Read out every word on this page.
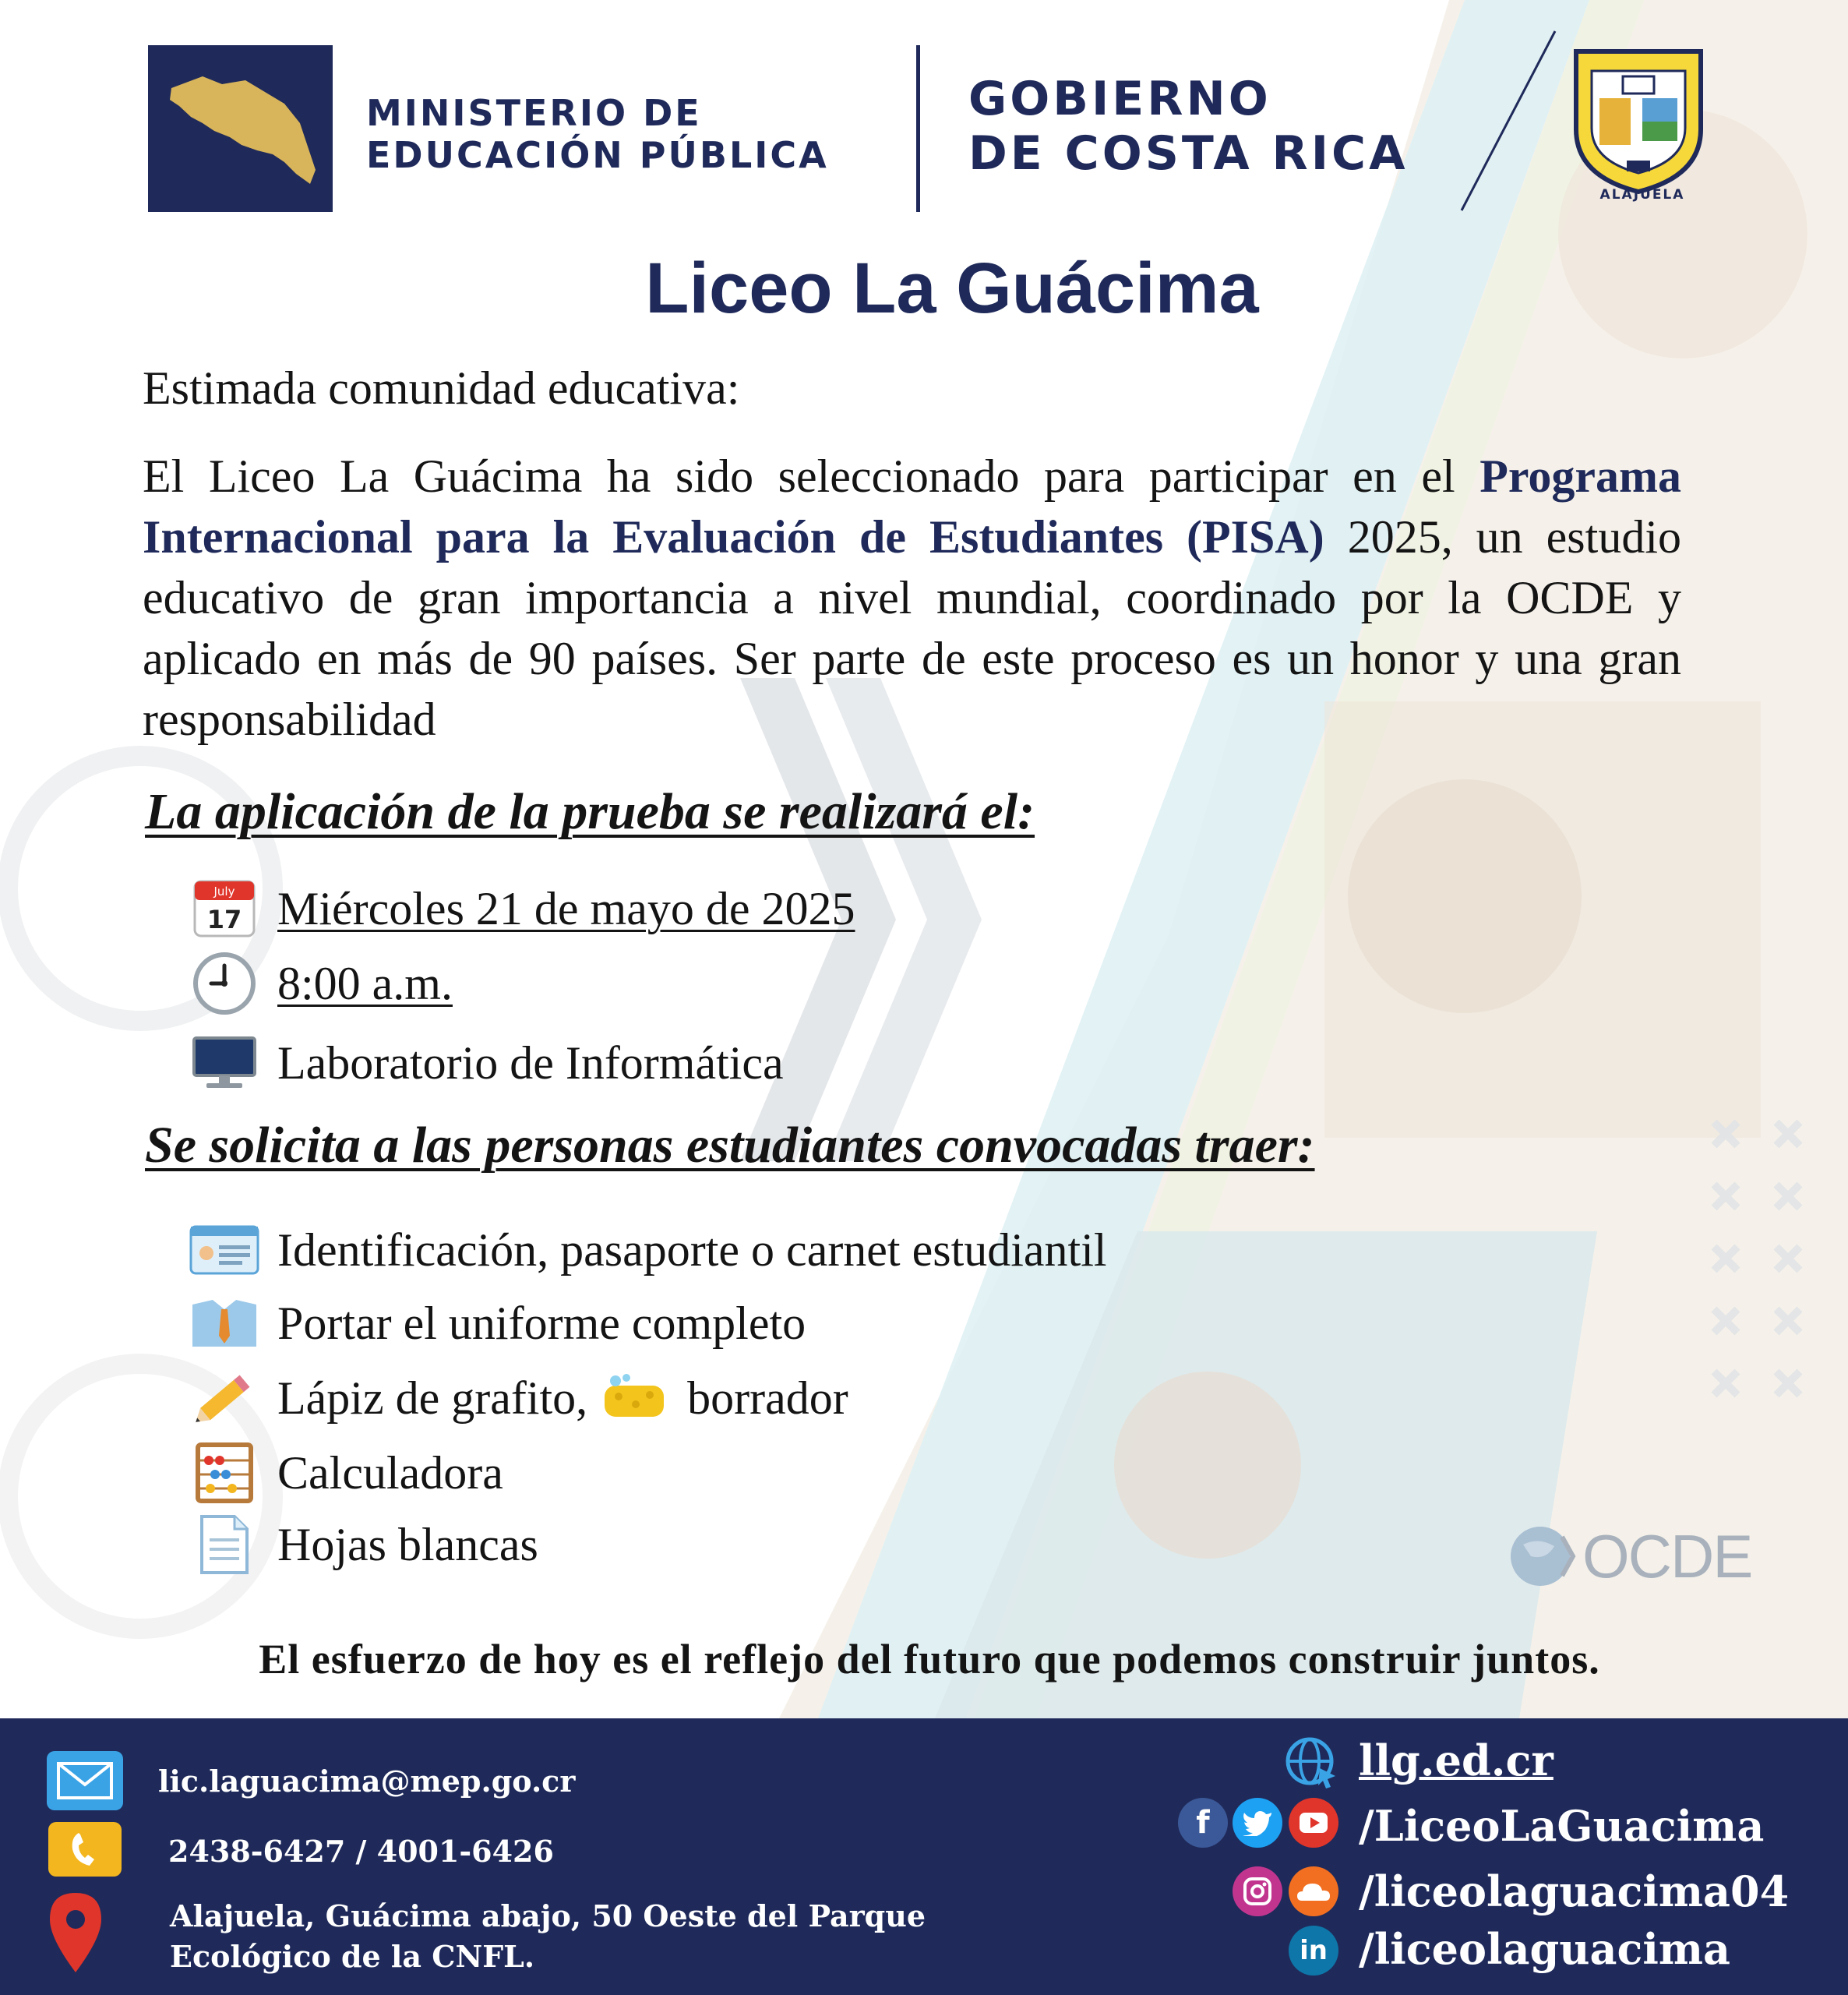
MINISTERIO DE
EDUCACIÓN PÚBLICA
GOBIERNO
DE COSTA RICA
ALAJUELA
Liceo La Guácima
Estimada comunidad educativa:
El Liceo La Guácima ha sido seleccionado para participar en el Programa Internacional para la Evaluación de Estudiantes (PISA) 2025, un estudio educativo de gran importancia a nivel mundial, coordinado por la OCDE y aplicado en más de 90 países. Ser parte de este proceso es un honor y una gran responsabilidad
La aplicación de la prueba se realizará el:
July
17 Miércoles 21 de mayo de 2025
8:00 a.m.
Laboratorio de Informática
Se solicita a las personas estudiantes convocadas traer:
Identificación, pasaporte o carnet estudiantil
Portar el uniforme completo
Lápiz de grafito, borrador
Calculadora
Hojas blancas	OCDE
El esfuerzo de hoy es el reflejo del futuro que podemos construir juntos.
lic.laguacima@mep.go.cr
2438-6427 / 4001-6426
Alajuela, Guácima abajo, 50 Oeste del Parque
Ecológico de la CNFL.
llg.ed.cr
f	/LiceoLaGuacima
/liceolaguacima04
in /liceolaguacima
